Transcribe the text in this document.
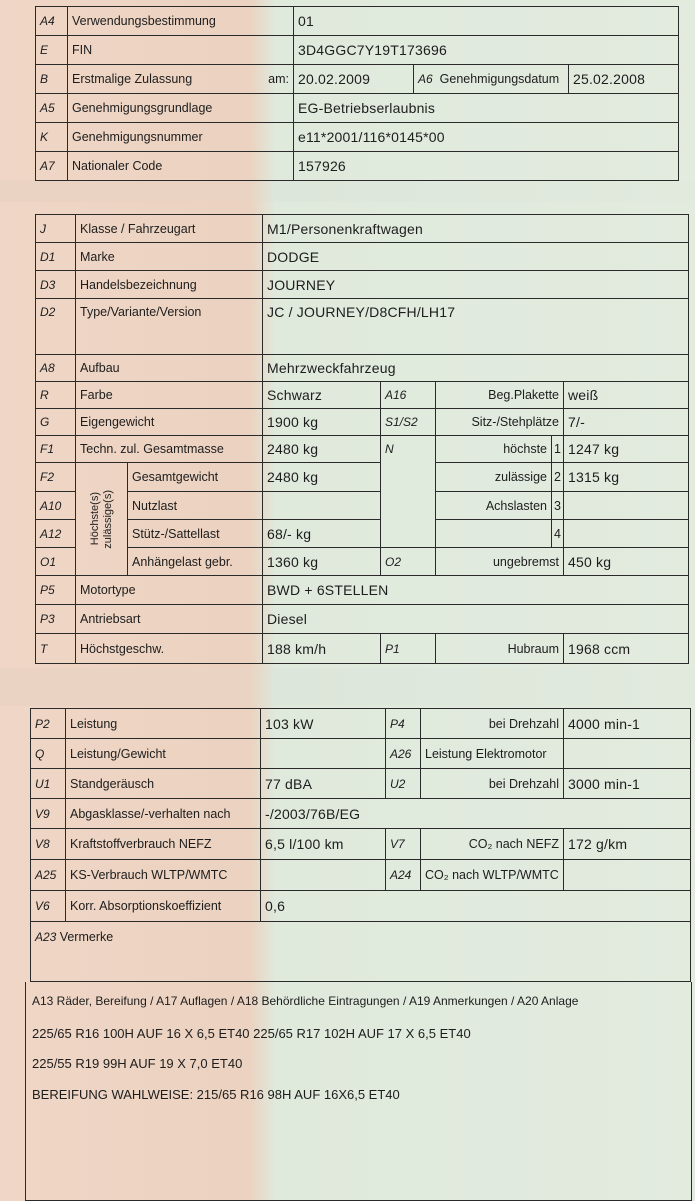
A4	Verwendungsbestimmung	01		
E	FIN	3D4GGC7Y19T173696		
B	Erstmalige Zulassung am:	20.02.2009	A6 Genehmigungsdatum	25.02.2008
A5	Genehmigungsgrundlage	EG-Betriebserlaubnis		
K	Genehmigungsnummer	e11*2001/116*0145*00		
A7	Nationaler Code	157926		
J	Klasse / Fahrzeugart		M1/Personenkraftwagen				
D1	Marke		DODGE				
D3	Handelsbezeichnung		JOURNEY				
D2	Type/Variante/Version		JC / JOURNEY/D8CFH/LH17				
A8	Aufbau		Mehrzweckfahrzeug				
R	Farbe		Schwarz	A16	Beg.Plakette		weiß
G	Eigengewicht		1900 kg	S1/S2	Sitz-/Stehplätze		7/-
F1	Techn. zul. Gesamtmasse		2480 kg	N	höchste	1	1247 kg
F2	Höchste(s) zulässige(s)	Gesamtgewicht	2480 kg		zulässige	2	1315 kg
A10		Nutzlast			Achslasten	3	
A12		Stütz-/Sattellast	68/- kg			4	
O1		Anhängelast gebr.	1360 kg	O2	ungebremst		450 kg
P5	Motortype		BWD + 6STELLEN				
P3	Antriebsart		Diesel				
T	Höchstgeschw.		188 km/h	P1	Hubraum		1968 ccm
P2	Leistung	103 kW	P4	bei Drehzahl	4000 min-1
Q	Leistung/Gewicht		A26	Leistung Elektromotor	
U1	Standgeräusch	77 dBA	U2	bei Drehzahl	3000 min-1
V9	Abgasklasse/-verhalten nach	-/2003/76B/EG			
V8	Kraftstoffverbrauch NEFZ	6,5 l/100 km	V7	CO₂ nach NEFZ	172 g/km
A25	KS-Verbrauch WLTP/WMTC		A24	CO₂ nach WLTP/WMTC	
V6	Korr. Absorptionskoeffizient	0,6			
A23 Vermerke					
A13 Räder, Bereifung / A17 Auflagen / A18 Behördliche Eintragungen / A19 Anmerkungen / A20 Anlage
225/65 R16 100H AUF 16 X 6,5 ET40 225/65 R17 102H AUF 17 X 6,5 ET40
225/55 R19 99H AUF 19 X 7,0 ET40
BEREIFUNG WAHLWEISE: 215/65 R16 98H AUF 16X6,5 ET40
